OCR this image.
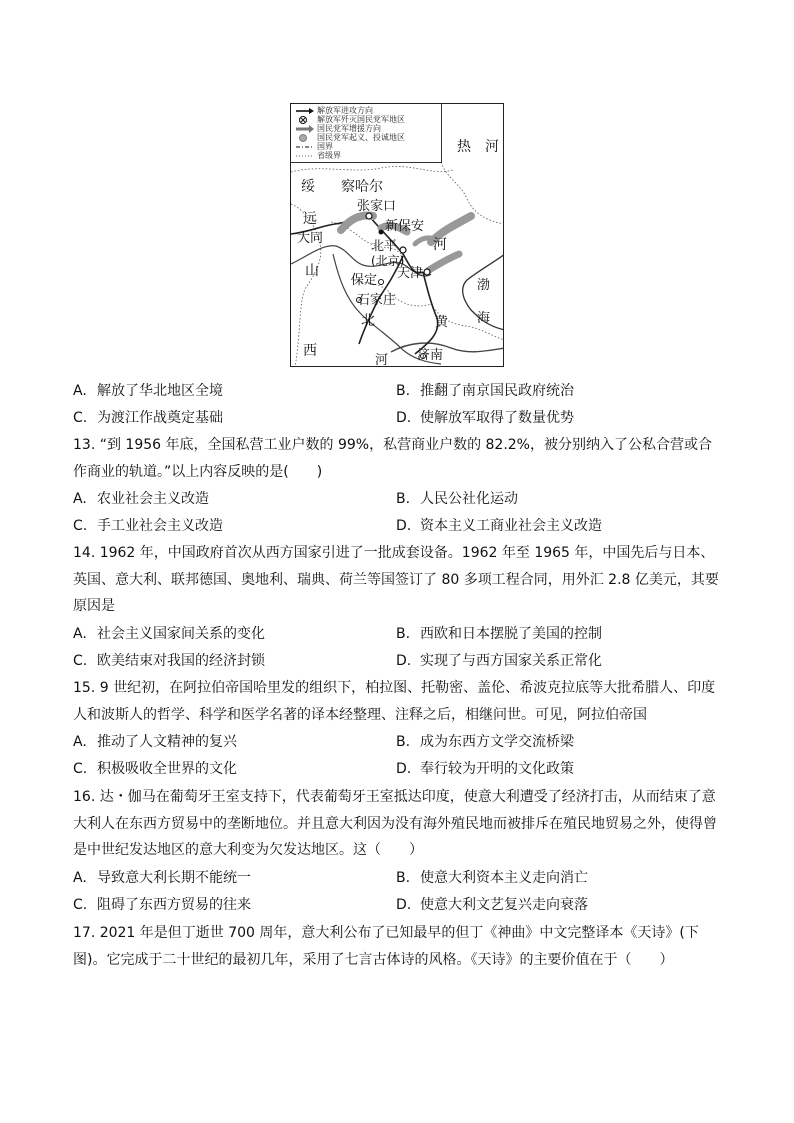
解放军进攻方向
解放军歼灭国民党军地区
国民党军增援方向
国民党军起义、投诚地区
国界
省级界
热 河
绥 察哈尔
张家口
新保安
远
大同
北平
(北京)
河
山	天津
保定	渤
海
石家庄
北	黄
西
河 济南
A. 解放了华北地区全境	B. 推翻了南京国民政府统治
C. 为渡江作战奠定基础	D. 使解放军取得了数量优势
13. “到 1956 年底，全国私营工业户数的 99%，私营商业户数的 82.2%，被分别纳入了公私合营或合作商业的轨道。”以上内容反映的是(　　)
A. 农业社会主义改造	B. 人民公社化运动
C. 手工业社会主义改造	D. 资本主义工商业社会主义改造
14. 1962 年，中国政府首次从西方国家引进了一批成套设备。1962 年至 1965 年，中国先后与日本、英国、意大利、联邦德国、奥地利、瑞典、荷兰等国签订了 80 多项工程合同，用外汇 2.8 亿美元，其要原因是
A. 社会主义国家间关系的变化	B. 西欧和日本摆脱了美国的控制
C. 欧美结束对我国的经济封锁	D. 实现了与西方国家关系正常化
15. 9 世纪初，在阿拉伯帝国哈里发的组织下，柏拉图、托勒密、盖伦、希波克拉底等大批希腊人、印度人和波斯人的哲学、科学和医学名著的译本经整理、注释之后，相继问世。可见，阿拉伯帝国
A. 推动了人文精神的复兴	B. 成为东西方文学交流桥梁
C. 积极吸收全世界的文化	D. 奉行较为开明的文化政策
16. 达・伽马在葡萄牙王室支持下，代表葡萄牙王室抵达印度，使意大利遭受了经济打击，从而结束了意大利人在东西方贸易中的垄断地位。并且意大利因为没有海外殖民地而被排斥在殖民地贸易之外，使得曾是中世纪发达地区的意大利变为欠发达地区。这（　　）
A. 导致意大利长期不能统一	B. 使意大利资本主义走向消亡
C. 阻碍了东西方贸易的往来	D. 使意大利文艺复兴走向衰落
17. 2021 年是但丁逝世 700 周年，意大利公布了已知最早的但丁《神曲》中文完整译本《天诗》(下图)。它完成于二十世纪的最初几年，采用了七言古体诗的风格。《天诗》的主要价值在于（　　）
